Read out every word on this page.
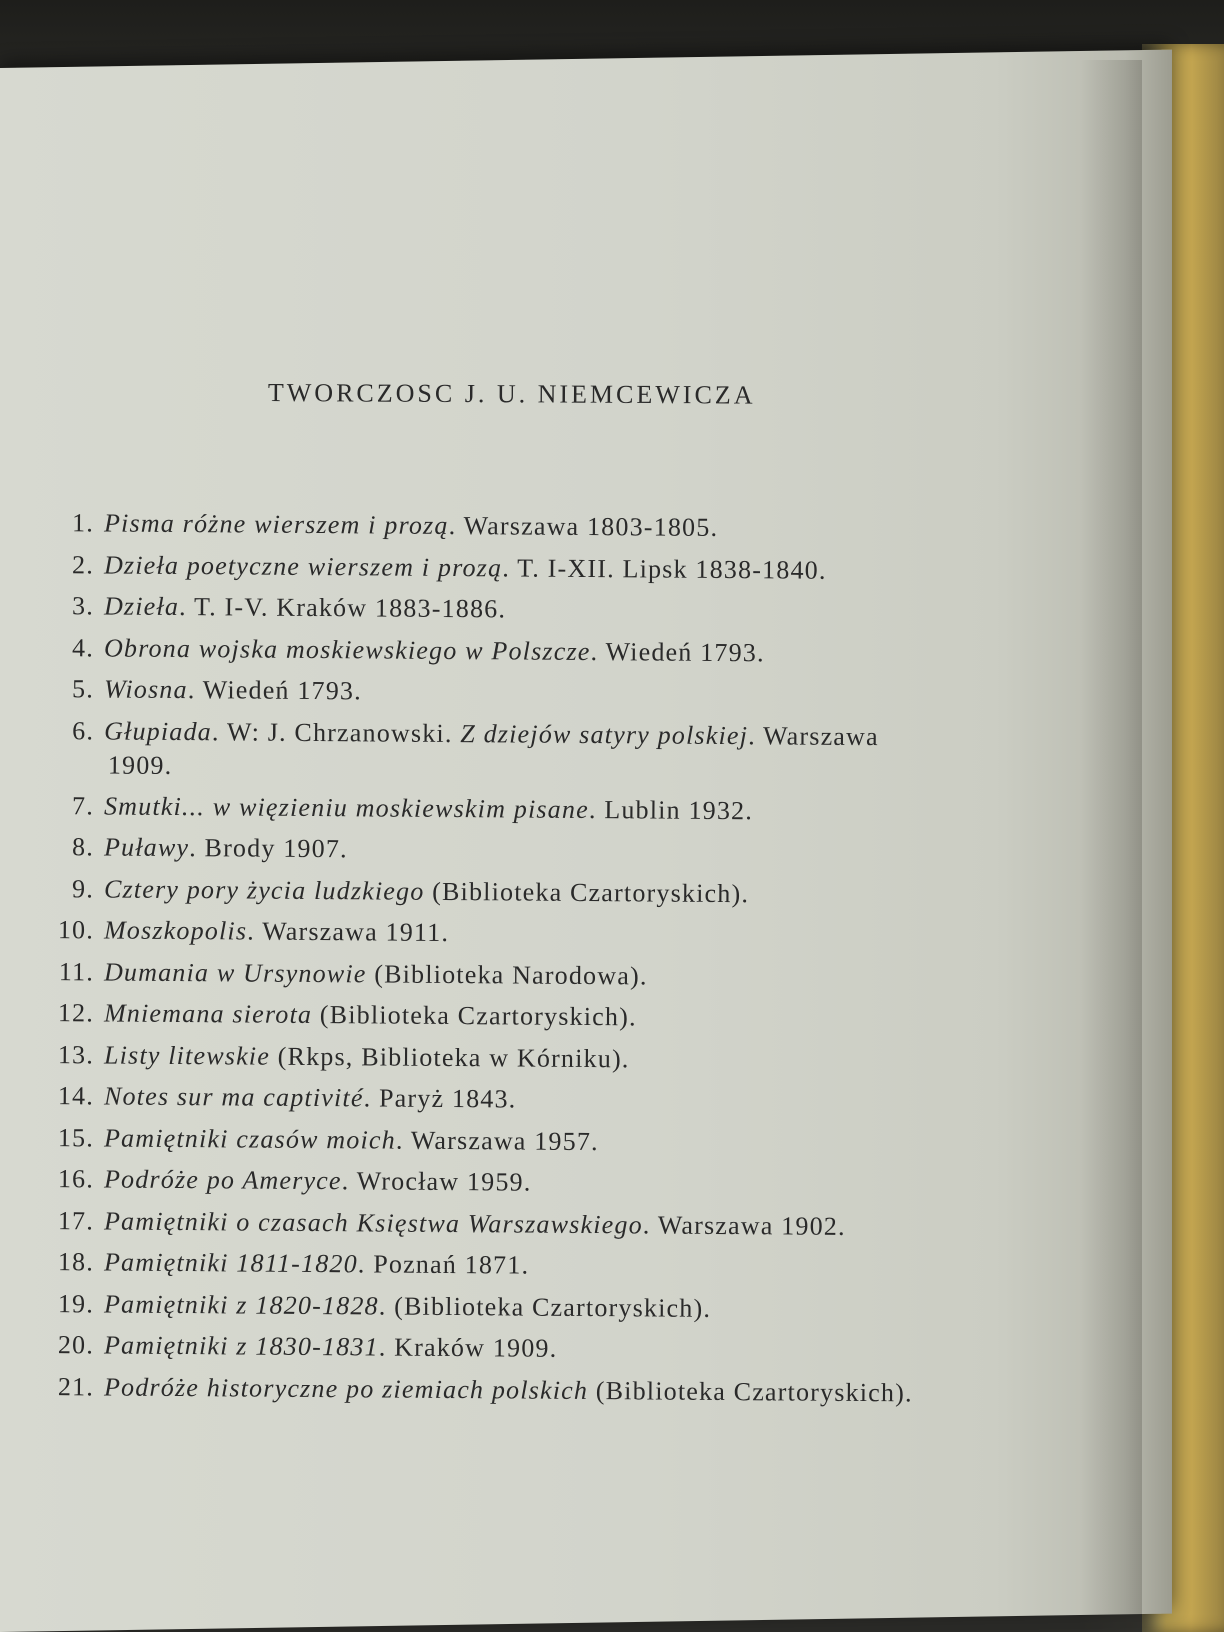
TWORCZOSC J. U. NIEMCEWICZA
1. Pisma różne wierszem i prozą. Warszawa 1803-1805.
2. Dzieła poetyczne wierszem i prozą. T. I-XII. Lipsk 1838-1840.
3. Dzieła. T. I-V. Kraków 1883-1886.
4. Obrona wojska moskiewskiego w Polszcze. Wiedeń 1793.
5. Wiosna. Wiedeń 1793.
6. Głupiada. W: J. Chrzanowski. Z dziejów satyry polskiej. Warszawa
1909.
7. Smutki... w więzieniu moskiewskim pisane. Lublin 1932.
8. Puławy. Brody 1907.
9. Cztery pory życia ludzkiego (Biblioteka Czartoryskich).
10. Moszkopolis. Warszawa 1911.
11. Dumania w Ursynowie (Biblioteka Narodowa).
12. Mniemana sierota (Biblioteka Czartoryskich).
13. Listy litewskie (Rkps, Biblioteka w Kórniku).
14. Notes sur ma captivité. Paryż 1843.
15. Pamiętniki czasów moich. Warszawa 1957.
16. Podróże po Ameryce. Wrocław 1959.
17. Pamiętniki o czasach Księstwa Warszawskiego. Warszawa 1902.
18. Pamiętniki 1811-1820. Poznań 1871.
19. Pamiętniki z 1820-1828. (Biblioteka Czartoryskich).
20. Pamiętniki z 1830-1831. Kraków 1909.
21. Podróże historyczne po ziemiach polskich (Biblioteka Czartoryskich).
